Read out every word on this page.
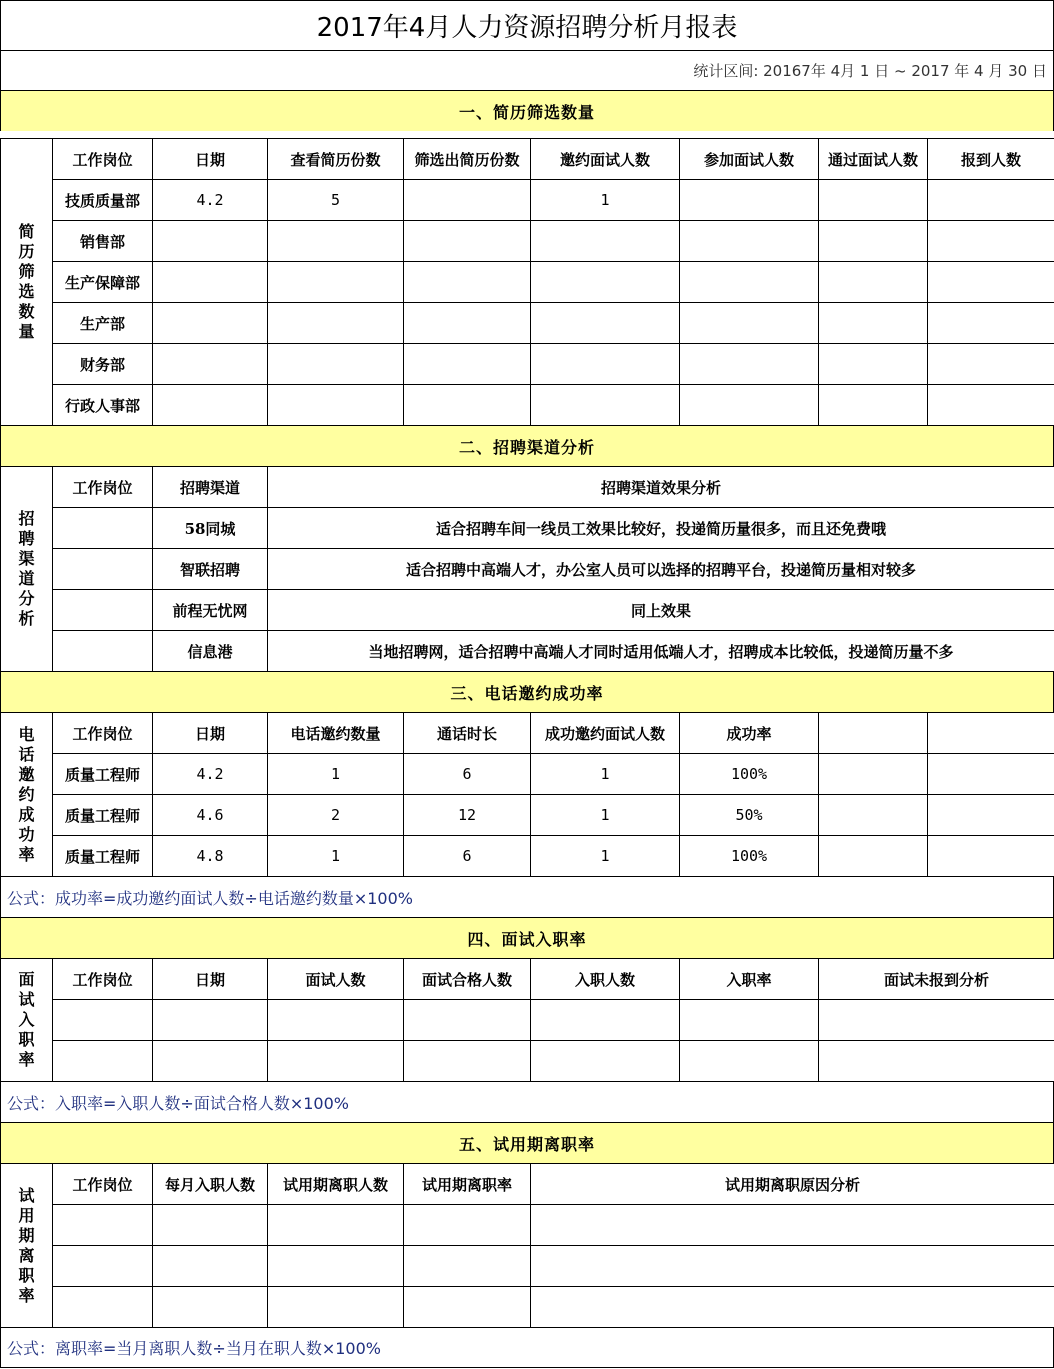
2017年4月人力资源招聘分析月报表
统计区间: 20167年 4月 1 日 ~ 2017 年 4 月 30 日
一、简历筛选数量
简历筛选数量	工作岗位	日期	查看简历份数	筛选出简历份数	邀约面试人数	参加面试人数	通过面试人数	报到人数
	技质质量部	4.2	5		1			
	销售部							
	生产保障部							
	生产部							
	财务部							
	行政人事部							
二、招聘渠道分析
招聘渠道分析	工作岗位	招聘渠道	招聘渠道效果分析
		58同城	适合招聘车间一线员工效果比较好，投递简历量很多，而且还免费哦
		智联招聘	适合招聘中高端人才，办公室人员可以选择的招聘平台，投递简历量相对较多
		前程无忧网	同上效果
		信息港	当地招聘网，适合招聘中高端人才同时适用低端人才，招聘成本比较低，投递简历量不多
三、电话邀约成功率
电话邀约成功率	工作岗位	日期	电话邀约数量	通话时长	成功邀约面试人数	成功率		
	质量工程师	4.2	1	6	1	100%		
	质量工程师	4.6	2	12	1	50%		
	质量工程师	4.8	1	6	1	100%		
公式：成功率=成功邀约面试人数÷电话邀约数量×100%
四、面试入职率
面试入职率	工作岗位	日期	面试人数	面试合格人数	入职人数	入职率	面试未报到分析

公式：入职率=入职人数÷面试合格人数×100%
五、试用期离职率
试用期离职率	工作岗位	每月入职人数	试用期离职人数	试用期离职率	试用期离职原因分析

公式：离职率=当月离职人数÷当月在职人数×100%
